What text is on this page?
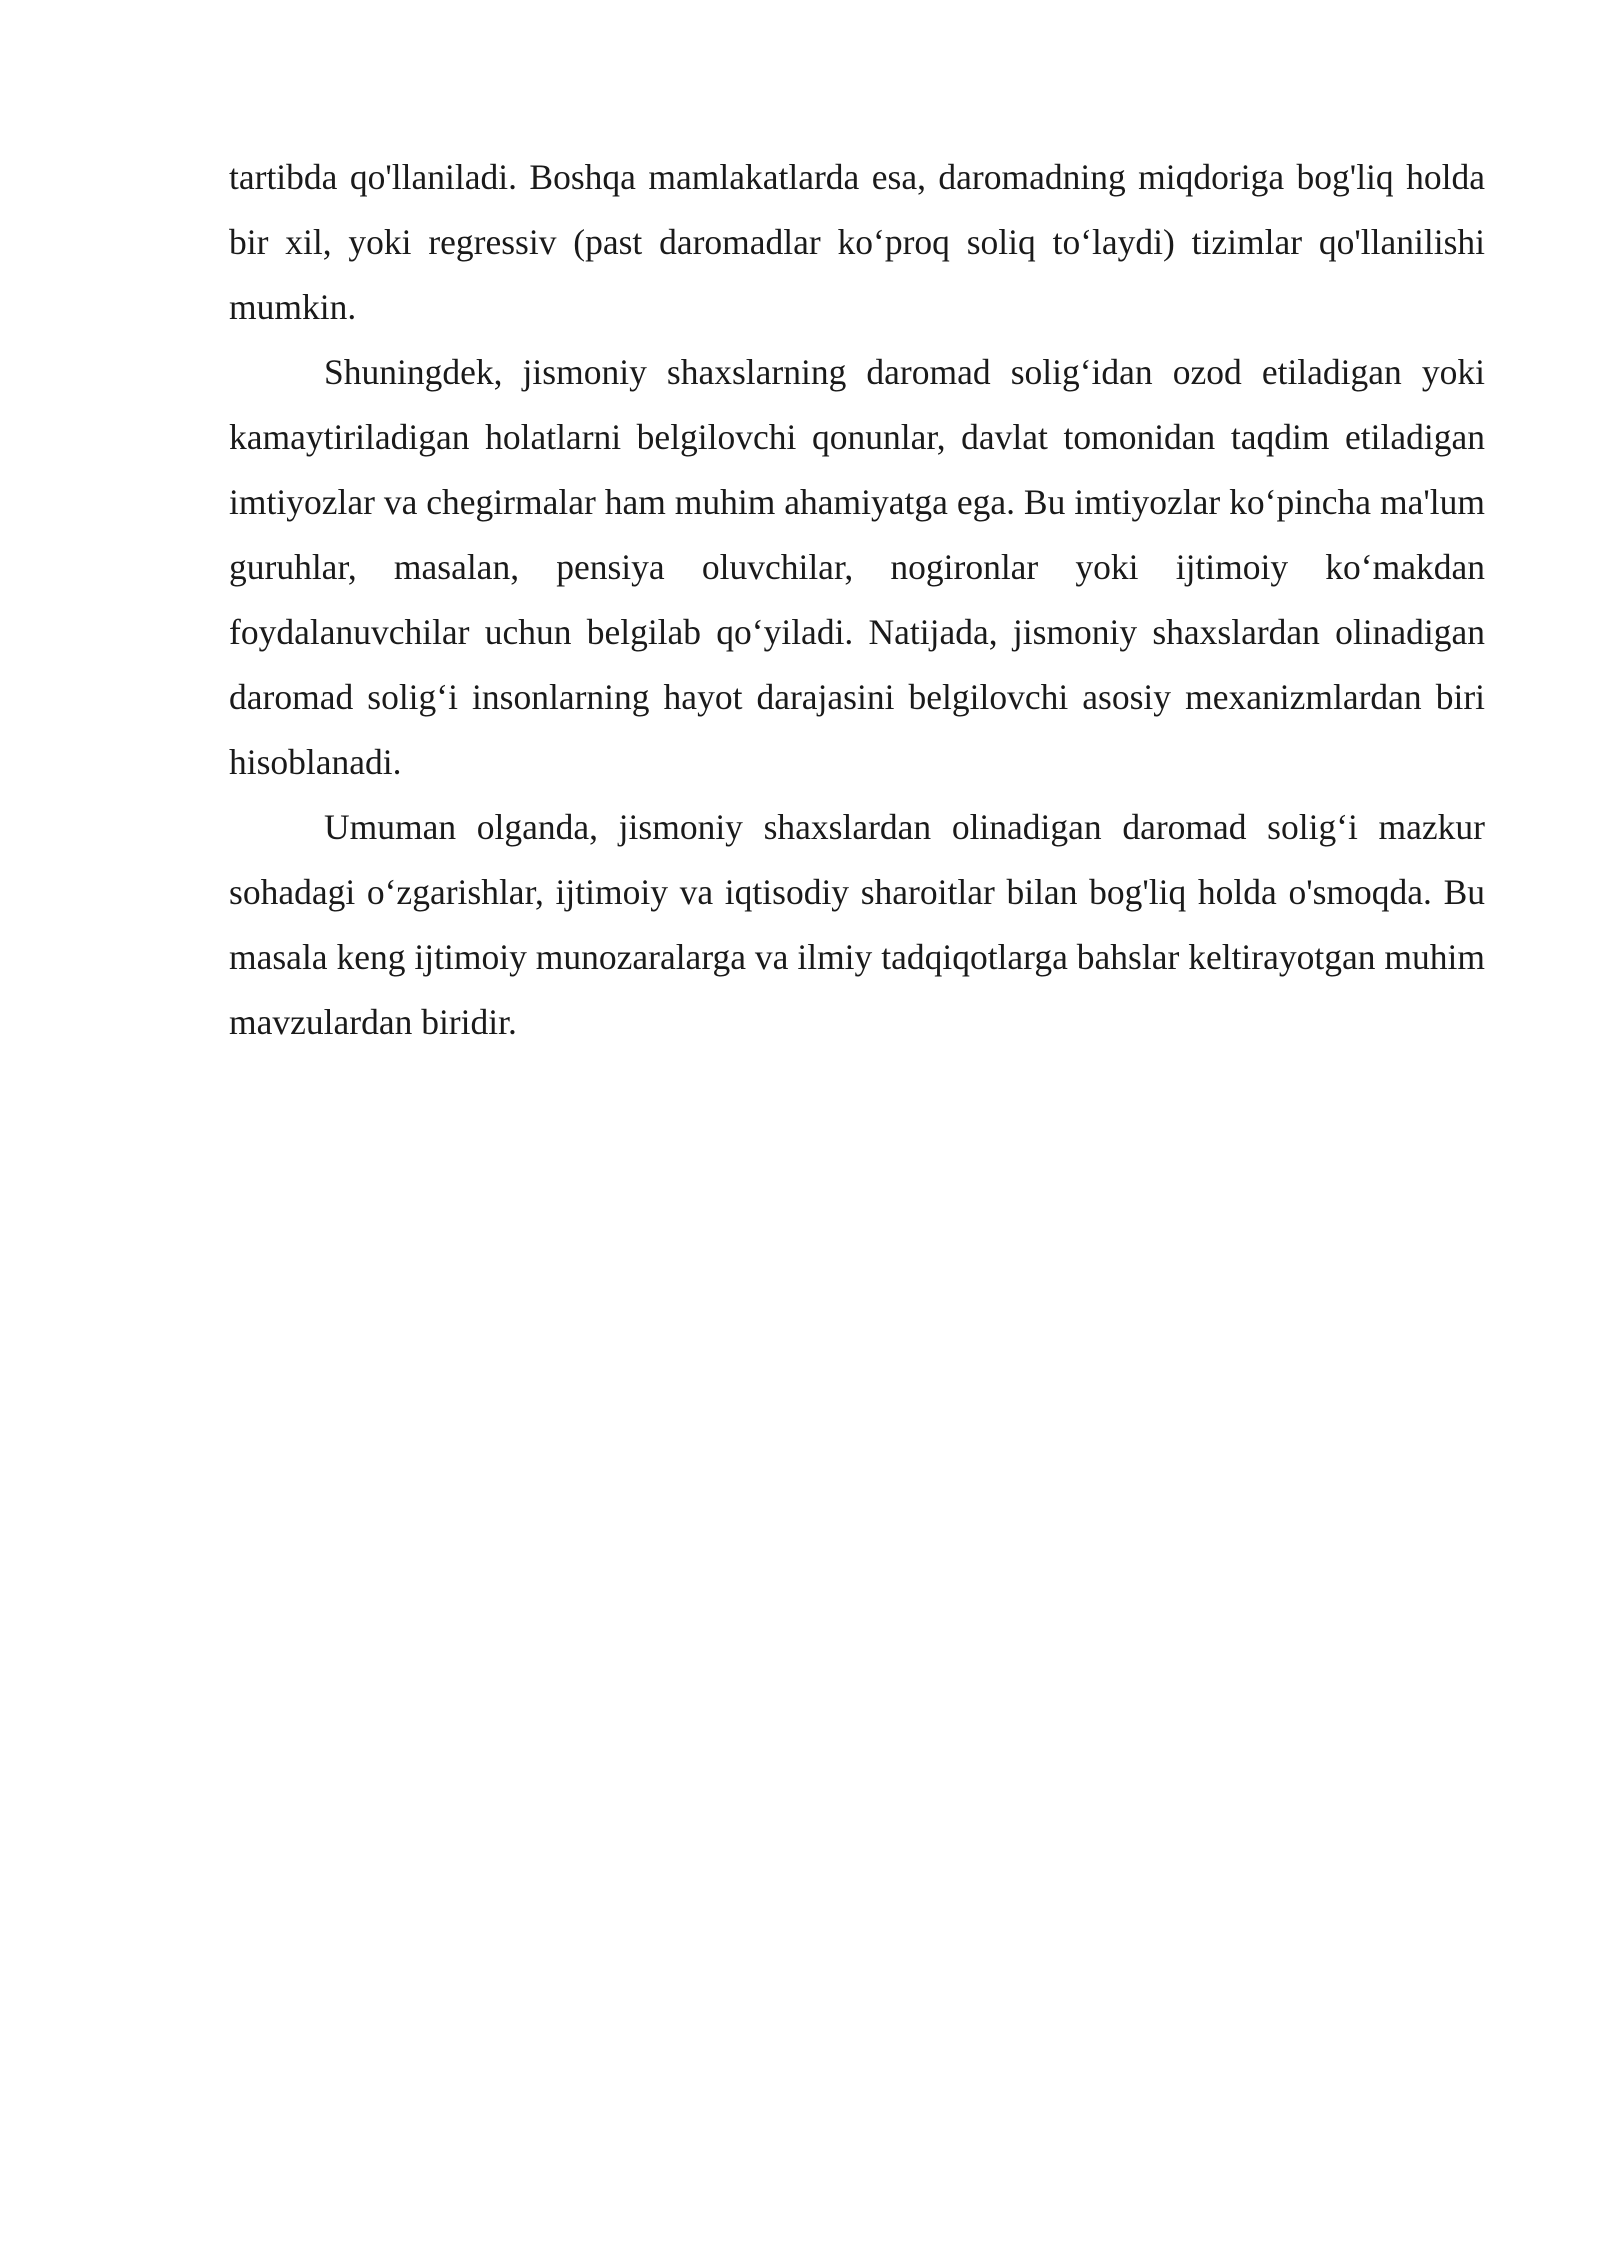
tartibda qo'llaniladi. Boshqa mamlakatlarda esa, daromadning miqdoriga bog'liq holda bir xil, yoki regressiv (past daromadlar ko‘proq soliq to‘laydi) tizimlar qo'llanilishi mumkin.

Shuningdek, jismoniy shaxslarning daromad solig‘idan ozod etiladigan yoki kamaytiriladigan holatlarni belgilovchi qonunlar, davlat tomonidan taqdim etiladigan imtiyozlar va chegirmalar ham muhim ahamiyatga ega. Bu imtiyozlar ko‘pincha ma'lum guruhlar, masalan, pensiya oluvchilar, nogironlar yoki ijtimoiy ko‘makdan foydalanuvchilar uchun belgilab qo‘yiladi. Natijada, jismoniy shaxslardan olinadigan daromad solig‘i insonlarning hayot darajasini belgilovchi asosiy mexanizmlardan biri hisoblanadi.

Umuman olganda, jismoniy shaxslardan olinadigan daromad solig‘i mazkur sohadagi o‘zgarishlar, ijtimoiy va iqtisodiy sharoitlar bilan bog'liq holda o'smoqda. Bu masala keng ijtimoiy munozaralarga va ilmiy tadqiqotlarga bahslar keltirayotgan muhim mavzulardan biridir.
